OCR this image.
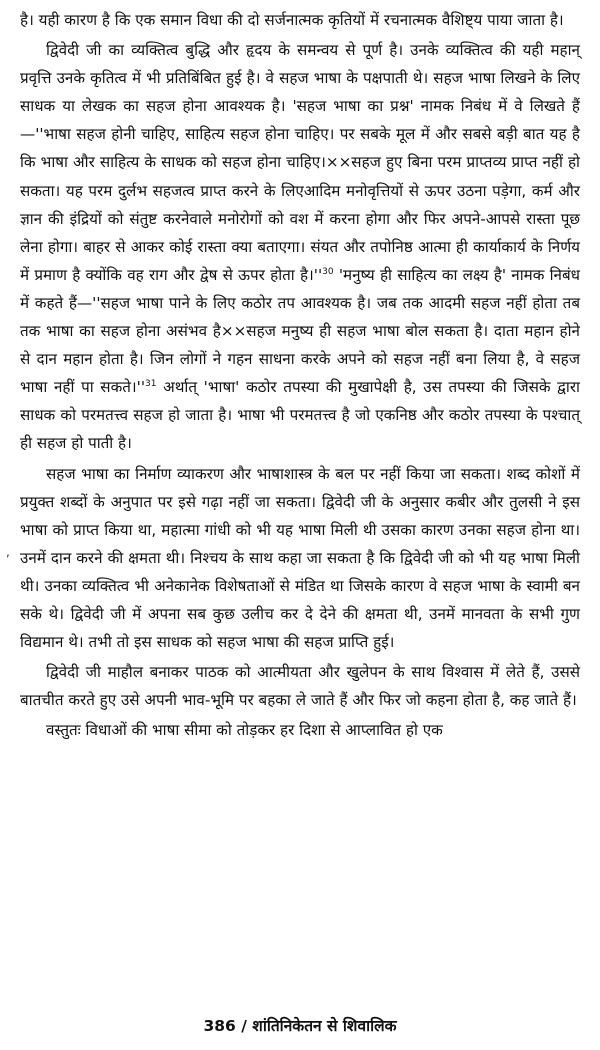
है। यही कारण है कि एक समान विधा की दो सर्जनात्मक कृतियों में रचनात्मक वैशिष्ट्य पाया जाता है।

द्विवेदी जी का व्यक्तित्व बुद्धि और हृदय के समन्वय से पूर्ण है। उनके व्यक्तित्व की यही महान् प्रवृत्ति उनके कृतित्व में भी प्रतिबिंबित हुई है। वे सहज भाषा के पक्षपाती थे। सहज भाषा लिखने के लिए साधक या लेखक का सहज होना आवश्यक है। 'सहज भाषा का प्रश्न' नामक निबंध में वे लिखते हैं—''भाषा सहज होनी चाहिए, साहित्य सहज होना चाहिए। पर सबके मूल में और सबसे बड़ी बात यह है कि भाषा और साहित्य के साधक को सहज होना चाहिए।××सहज हुए बिना परम प्राप्तव्य प्राप्त नहीं हो सकता। यह परम दुर्लभ सहजत्व प्राप्त करने के लिएआदिम मनोवृत्तियों से ऊपर उठना पड़ेगा, कर्म और ज्ञान की इंद्रियों को संतुष्ट करनेवाले मनोरोगों को वश में करना होगा और फिर अपने-आपसे रास्ता पूछ लेना होगा। बाहर से आकर कोई रास्ता क्या बताएगा। संयत और तपोनिष्ठ आत्मा ही कार्याकार्य के निर्णय में प्रमाण है क्योंकि वह राग और द्वेष से ऊपर होता $है।''^{30}$ 'मनुष्य ही साहित्य का लक्ष्य है' नामक निबंध में कहते हैं—''सहज भाषा पाने के लिए कठोर तप आवश्यक है। जब तक आदमी सहज नहीं होता तब तक भाषा का सहज होना असंभव है××सहज मनुष्य ही सहज भाषा बोल सकता है। दाता महान होने से दान महान होता है। जिन लोगों ने गहन साधना करके अपने को सहज नहीं बना लिया है, वे सहज भाषा नहीं पा $सकते।''^{31}$ अर्थात् 'भाषा' कठोर तपस्या की मुखापेक्षी है, उस तपस्या की जिसके द्वारा साधक को परमतत्त्व सहज हो जाता है। भाषा भी परमतत्त्व है जो एकनिष्ठ और कठोर तपस्या के पश्चात् ही सहज हो पाती है।

सहज भाषा का निर्माण व्याकरण और भाषाशास्त्र के बल पर नहीं किया जा सकता। शब्द कोशों में प्रयुक्त शब्दों के अनुपात पर इसे गढ़ा नहीं जा सकता। द्विवेदी जी के अनुसार कबीर और तुलसी ने इस भाषा को प्राप्त किया था, महात्मा गांधी को भी यह भाषा मिली थी उसका कारण उनका सहज होना था। उनमें दान करने की क्षमता थी। निश्चय के साथ कहा जा सकता है कि द्विवेदी जी को भी यह भाषा मिली थी। उनका व्यक्तित्व भी अनेकानेक विशेषताओं से मंडित था जिसके कारण वे सहज भाषा के स्वामी बन सके थे। द्विवेदी जी में अपना सब कुछ उलीच कर दे देने की क्षमता थी, उनमें मानवता के सभी गुण विद्यमान थे। तभी तो इस साधक को सहज भाषा की सहज प्राप्ति हुई।

द्विवेदी जी माहौल बनाकर पाठक को आत्मीयता और खुलेपन के साथ विश्वास में लेते हैं, उससे बातचीत करते हुए उसे अपनी भाव-भूमि पर बहका ले जाते हैं और फिर जो कहना होता है, कह जाते हैं।

वस्तुतः विधाओं की भाषा सीमा को तोड़कर हर दिशा से आप्लावित हो एक

,
386 / शांतिनिकेतन से शिवालिक
